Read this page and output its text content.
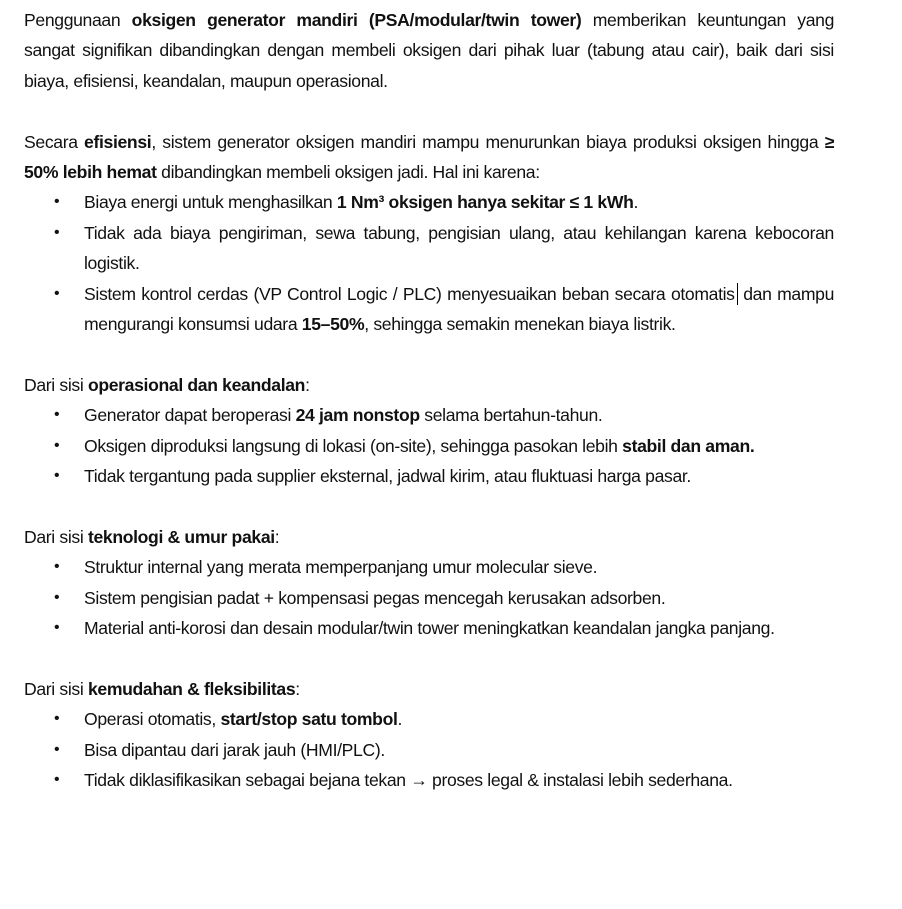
Penggunaan oksigen generator mandiri (PSA/modular/twin tower) memberikan keuntungan yang sangat signifikan dibandingkan dengan membeli oksigen dari pihak luar (tabung atau cair), baik dari sisi biaya, efisiensi, keandalan, maupun operasional.

Secara efisiensi, sistem generator oksigen mandiri mampu menurunkan biaya produksi oksigen hingga ≥ 50% lebih hemat dibandingkan membeli oksigen jadi. Hal ini karena:

• Biaya energi untuk menghasilkan 1 Nm³ oksigen hanya sekitar ≤ 1 kWh.
• Tidak ada biaya pengiriman, sewa tabung, pengisian ulang, atau kehilangan karena kebocoran logistik.
• Sistem kontrol cerdas (VP Control Logic / PLC) menyesuaikan beban secara otomatis dan mampu mengurangi konsumsi udara 15–50%, sehingga semakin menekan biaya listrik.

Dari sisi operasional dan keandalan:

• Generator dapat beroperasi 24 jam nonstop selama bertahun-tahun.
• Oksigen diproduksi langsung di lokasi (on-site), sehingga pasokan lebih stabil dan aman.
• Tidak tergantung pada supplier eksternal, jadwal kirim, atau fluktuasi harga pasar.

Dari sisi teknologi & umur pakai:

• Struktur internal yang merata memperpanjang umur molecular sieve.
• Sistem pengisian padat + kompensasi pegas mencegah kerusakan adsorben.
• Material anti-korosi dan desain modular/twin tower meningkatkan keandalan jangka panjang.

Dari sisi kemudahan & fleksibilitas:

• Operasi otomatis, start/stop satu tombol.
• Bisa dipantau dari jarak jauh (HMI/PLC).
• Tidak diklasifikasikan sebagai bejana tekan → proses legal & instalasi lebih sederhana.
